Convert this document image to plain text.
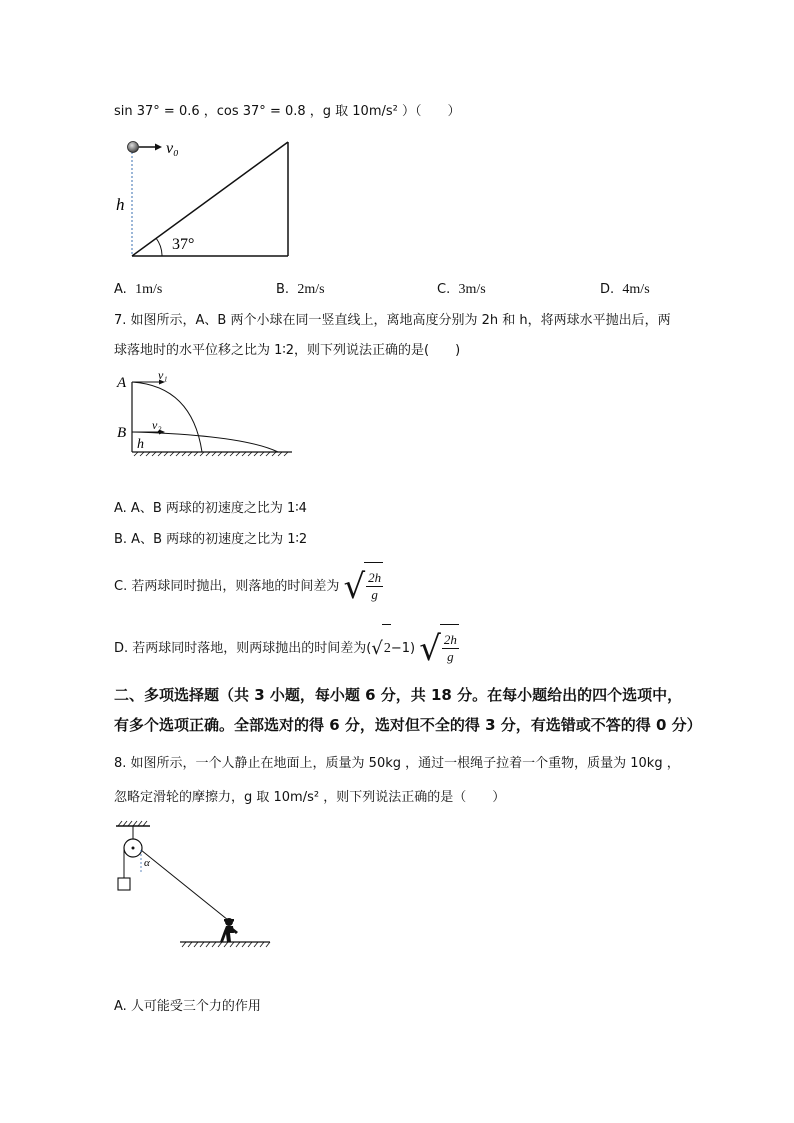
sin 37° = 0.6 ，cos 37° = 0.8 ，g 取 10m/s² ）（　　）
v₀
h
37°
A. 1m/s	B. 2m/s	C. 3m/s	D. 4m/s
7. 如图所示，A、B 两个小球在同一竖直线上，离地高度分别为 2h 和 h，将两球水平抛出后，两
球落地时的水平位移之比为 1∶2，则下列说法正确的是(　　)
A
B
v₁
v₂
h
A. A、B 两球的初速度之比为 1∶4
B. A、B 两球的初速度之比为 1∶2
C. 若两球同时抛出，则落地的时间差为 √ $\frac{2h}{g}$
D. 若两球同时落地，则两球抛出的时间差为( √ 2 −1) √ $\frac{2h}{g}$
二、多项选择题（共 3 小题，每小题 6 分，共 18 分。在每小题给出的四个选项中，
有多个选项正确。全部选对的得 6 分，选对但不全的得 3 分，有选错或不答的得 0 分）
8. 如图所示，一个人静止在地面上，质量为 50kg ，通过一根绳子拉着一个重物，质量为 10kg ，
忽略定滑轮的摩擦力，g 取 10m/s² ，则下列说法正确的是（　　）
α
A. 人可能受三个力的作用
